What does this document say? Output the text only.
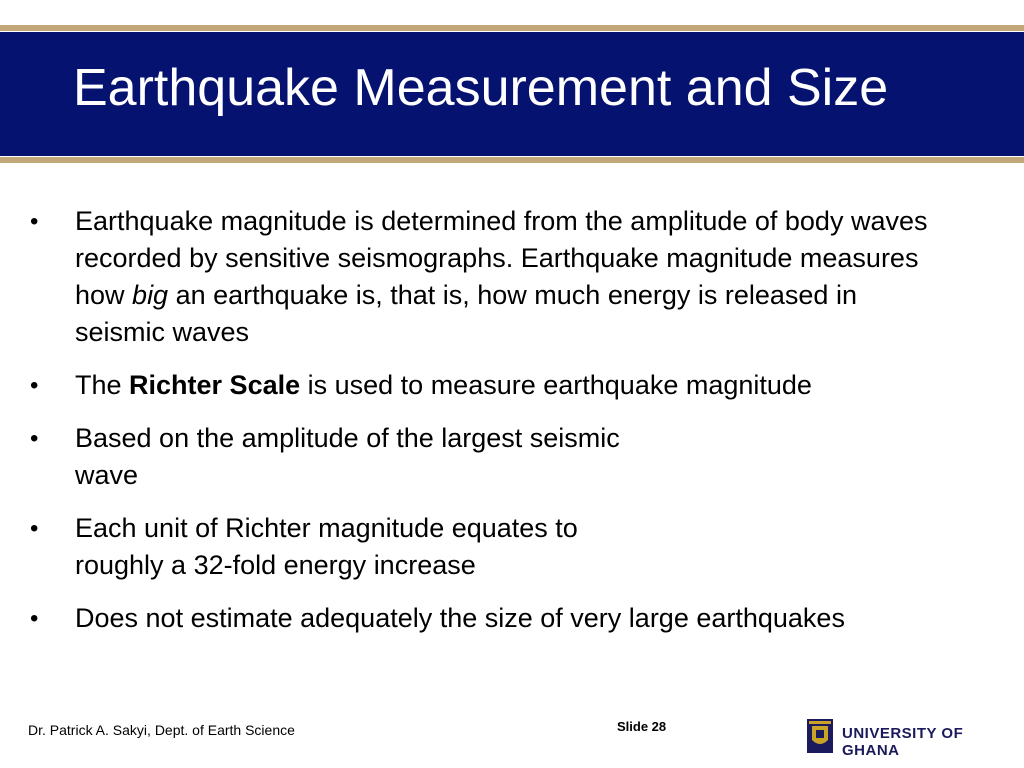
Earthquake Measurement and Size
• Earthquake magnitude is determined from the amplitude of body waves recorded by sensitive seismographs. Earthquake magnitude measures how big an earthquake is, that is, how much energy is released in seismic waves
• The Richter Scale is used to measure earthquake magnitude
• Based on the amplitude of the largest seismic
wave
• Each unit of Richter magnitude equates to
roughly a 32-fold energy increase
• Does not estimate adequately the size of very large earthquakes
Dr. Patrick A. Sakyi, Dept. of Earth Science	Slide 28	UNIVERSITY OF GHANA
